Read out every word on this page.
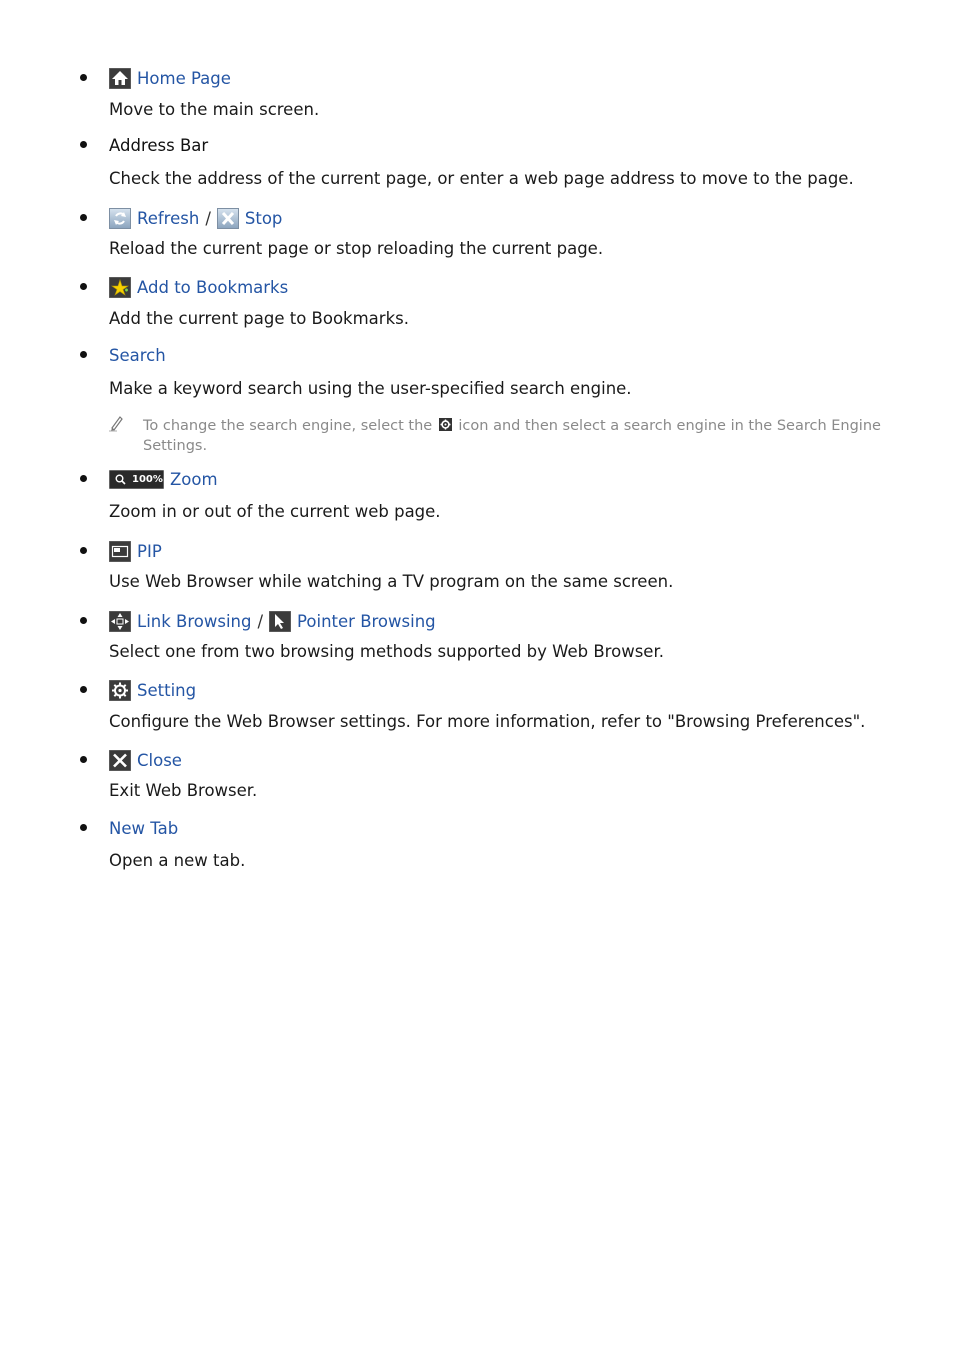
Home Page
Move to the main screen.
Address Bar
Check the address of the current page, or enter a web page address to move to the page.
Refresh / Stop
Reload the current page or stop reloading the current page.
Add to Bookmarks
Add the current page to Bookmarks.
Search
Make a keyword search using the user-specified search engine.
To change the search engine, select the icon and then select a search engine in the Search Engine Settings.
100% Zoom
Zoom in or out of the current web page.
PIP
Use Web Browser while watching a TV program on the same screen.
Link Browsing / Pointer Browsing
Select one from two browsing methods supported by Web Browser.
Setting
Configure the Web Browser settings. For more information, refer to "Browsing Preferences".
Close
Exit Web Browser.
New Tab
Open a new tab.
